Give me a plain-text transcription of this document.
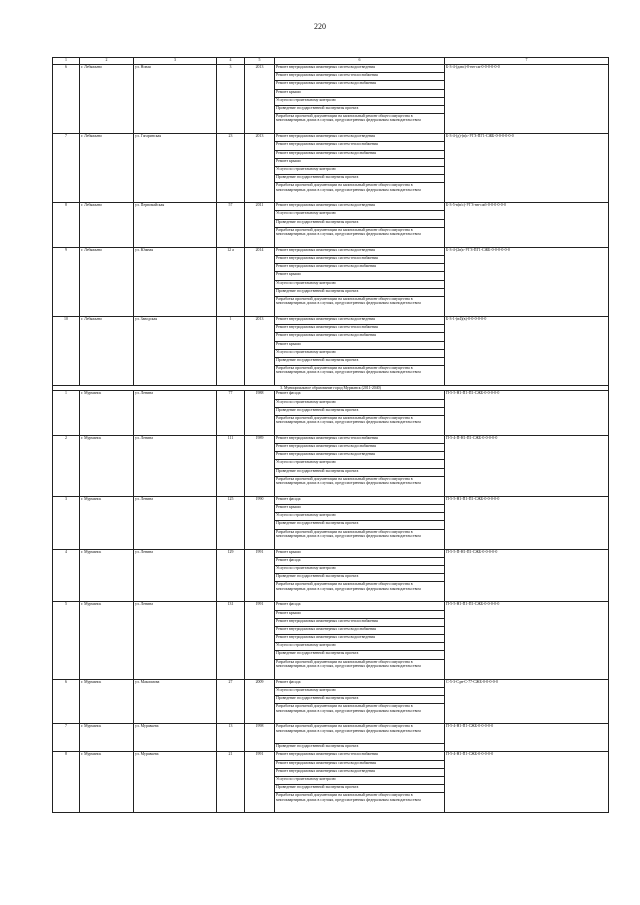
220
1	2	3	4	5	6	7
6	г. Лебяжьево	ул. Новая	3	2013	Ремонт внутридомовых инженерных систем водоотведения	Б-3-4-(давс)-0-нн-сж-0-0-0-0-0-0
					Ремонт внутридомовых инженерных систем теплоснабжения	
					Ремонт внутридомовых инженерных систем водоснабжения	
					Ремонт крыши	
					Услуги по строительному контролю	
					Проведение государственной экспертизы проекта	
					Разработка проектной документации на капитальный ремонт общего имущества в многоквартирных домах в случаях, предусмотренных федеральным законодательством	
7	г. Лебяжьево	ул. Гагаринская	23	2013	Ремонт внутридомовых инженерных систем водоотведения	Б-3-4-(д)-(в)с-УГЗ-ПГ1-СЖБ-0-0-0-0-0-0
					Ремонт внутридомовых инженерных систем теплоснабжения	
					Ремонт внутридомовых инженерных систем водоснабжения	
					Ремонт крыши	
					Услуги по строительному контролю	
					Проведение государственной экспертизы проекта	
					Разработка проектной документации на капитальный ремонт общего имущества в многоквартирных домах в случаях, предусмотренных федеральным законодательством	
8	г. Лебяжьево	ул. Первомайская	57	2011	Ремонт внутридомовых инженерных систем водоотведения	Б-3-5-в(в/с)-УГЗ-нн-сжб-0-0-0-0-0-0
					Услуги по строительному контролю	
					Проведение государственной экспертизы проекта	
					Разработка проектной документации на капитальный ремонт общего имущества в многоквартирных домах в случаях, предусмотренных федеральным законодательством	
9	г. Лебяжьево	ул. Южная	12 а	2014	Ремонт внутридомовых инженерных систем водоотведения	Б-3-4-(2в)с-УГЗ-ПГ1-СЖБ-0-0-0-0-0-0
					Ремонт внутридомовых инженерных систем теплоснабжения	
					Ремонт внутридомовых инженерных систем водоснабжения	
					Ремонт крыши	
					Услуги по строительному контролю	
					Проведение государственной экспертизы проекта	
					Разработка проектной документации на капитальный ремонт общего имущества в многоквартирных домах в случаях, предусмотренных федеральным законодательством	
10	г. Лебяжьево	ул. Заводская	1	2013	Ремонт внутридомовых инженерных систем водоотведения	Б-3-1-(в4)(в)-0-0-0-0-0-0
					Ремонт внутридомовых инженерных систем теплоснабжения	
					Ремонт внутридомовых инженерных систем водоснабжения	
					Ремонт крыши	
					Услуги по строительному контролю	
					Проведение государственной экспертизы проекта	
					Разработка проектной документации на капитальный ремонт общего имущества в многоквартирных домах в случаях, предусмотренных федеральным законодательством	
3. Муниципальное образование город Мурманск (2011-2040)						
1	г. Мурманск	ул. Ленина	77	1988	Ремонт фасада	П-5-5-Н1-П1-П1-СЖБ-0-0-0-0-0
					Услуги по строительному контролю	
					Проведение государственной экспертизы проекта	
					Разработка проектной документации на капитальный ремонт общего имущества в многоквартирных домах в случаях, предусмотренных федеральным законодательством	
2	г. Мурманск	ул. Ленина	111	1989	Ремонт внутридомовых инженерных систем теплоснабжения	П-5-4-П-Н1-П1-СЖБ-0-0-0-0-0
					Ремонт внутридомовых инженерных систем водоснабжения	
					Ремонт внутридомовых инженерных систем водоотведения	
					Услуги по строительному контролю	
					Проведение государственной экспертизы проекта	
					Разработка проектной документации на капитальный ремонт общего имущества в многоквартирных домах в случаях, предусмотренных федеральным законодательством	
3	г. Мурманск	ул. Ленина	125	1990	Ремонт фасада	П-5-5-Н1-П1-П1-СЖБ-0-0-0-0-0
					Ремонт крыши	
					Услуги по строительному контролю	
					Проведение государственной экспертизы проекта	
					Разработка проектной документации на капитальный ремонт общего имущества в многоквартирных домах в случаях, предусмотренных федеральным законодательством	
4	г. Мурманск	ул. Ленина	129	1991	Ремонт крыши	П-5-5-П-Н1-П1-СЖБ-0-0-0-0-0
					Ремонт фасада	
					Услуги по строительному контролю	
					Проведение государственной экспертизы проекта	
					Разработка проектной документации на капитальный ремонт общего имущества в многоквартирных домах в случаях, предусмотренных федеральным законодательством	
5	г. Мурманск	ул. Ленина	131	1991	Ремонт фасада	П-5-5-Н1-П1-П1-СЖБ-0-0-0-0-0
					Ремонт крыши	
					Ремонт внутридомовых инженерных систем теплоснабжения	
					Ремонт внутридомовых инженерных систем водоснабжения	
					Ремонт внутридомовых инженерных систем водоотведения	
					Услуги по строительному контролю	
					Проведение государственной экспертизы проекта	
					Разработка проектной документации на капитальный ремонт общего имущества в многоквартирных домах в случаях, предусмотренных федеральным законодательством	
6	г. Мурманск	ул. Максимова	27	2009	Ремонт фасада	С-5-3-Сдн-С-77-СЖБ-0-0-0-0-0
					Услуги по строительному контролю	
					Проведение государственной экспертизы проекта	
					Разработка проектной документации на капитальный ремонт общего имущества в многоквартирных домах в случаях, предусмотренных федеральным законодательством	
7	г. Мурманск	ул. Муравьева	13	1998	Разработка проектной документации на капитальный ремонт общего имущества в многоквартирных домах в случаях, предусмотренных федеральным законодательством	П-5-4-Н1-П1-СЖБ-0-0-0-0-0
					Проведение государственной экспертизы проекта	
8	г. Мурманск	ул. Муравьева	21	1991	Ремонт внутридомовых инженерных систем теплоснабжения	П-5-4-Н1-П1-СЖБ-0-0-0-0-0
					Ремонт внутридомовых инженерных систем водоснабжения	
					Ремонт внутридомовых инженерных систем водоотведения	
					Услуги по строительному контролю	
					Проведение государственной экспертизы проекта	
					Разработка проектной документации на капитальный ремонт общего имущества в многоквартирных домах в случаях, предусмотренных федеральным законодательством	
